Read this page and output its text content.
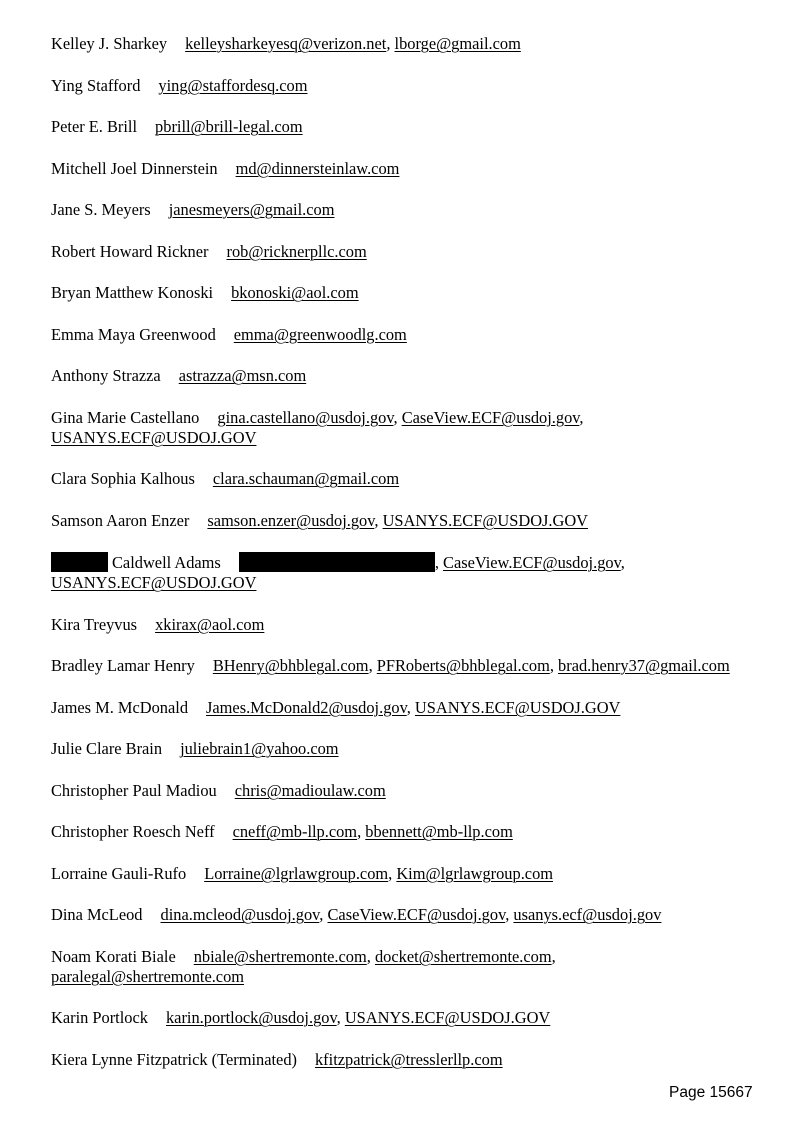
Kelley J. Sharkey kelleysharkeyesq@verizon.net, lborge@gmail.com
Ying Stafford ying@staffordesq.com
Peter E. Brill pbrill@brill-legal.com
Mitchell Joel Dinnerstein md@dinnersteinlaw.com
Jane S. Meyers janesmeyers@gmail.com
Robert Howard Rickner rob@ricknerpllc.com
Bryan Matthew Konoski bkonoski@aol.com
Emma Maya Greenwood emma@greenwoodlg.com
Anthony Strazza astrazza@msn.com
Gina Marie Castellano gina.castellano@usdoj.gov, CaseView.ECF@usdoj.gov, USANYS.ECF@USDOJ.GOV
Clara Sophia Kalhous clara.schauman@gmail.com
Samson Aaron Enzer samson.enzer@usdoj.gov, USANYS.ECF@USDOJ.GOV
Caldwell Adams	, CaseView.ECF@usdoj.gov, USANYS.ECF@USDOJ.GOV
Kira Treyvus xkirax@aol.com
Bradley Lamar Henry BHenry@bhblegal.com, PFRoberts@bhblegal.com, brad.henry37@gmail.com
James M. McDonald James.McDonald2@usdoj.gov, USANYS.ECF@USDOJ.GOV
Julie Clare Brain juliebrain1@yahoo.com
Christopher Paul Madiou chris@madioulaw.com
Christopher Roesch Neff cneff@mb-llp.com, bbennett@mb-llp.com
Lorraine Gauli-Rufo Lorraine@lgrlawgroup.com, Kim@lgrlawgroup.com
Dina McLeod dina.mcleod@usdoj.gov, CaseView.ECF@usdoj.gov, usanys.ecf@usdoj.gov
Noam Korati Biale nbiale@shertremonte.com, docket@shertremonte.com, paralegal@shertremonte.com
Karin Portlock karin.portlock@usdoj.gov, USANYS.ECF@USDOJ.GOV
Kiera Lynne Fitzpatrick (Terminated) kfitzpatrick@tresslerllp.com
Page 15667
